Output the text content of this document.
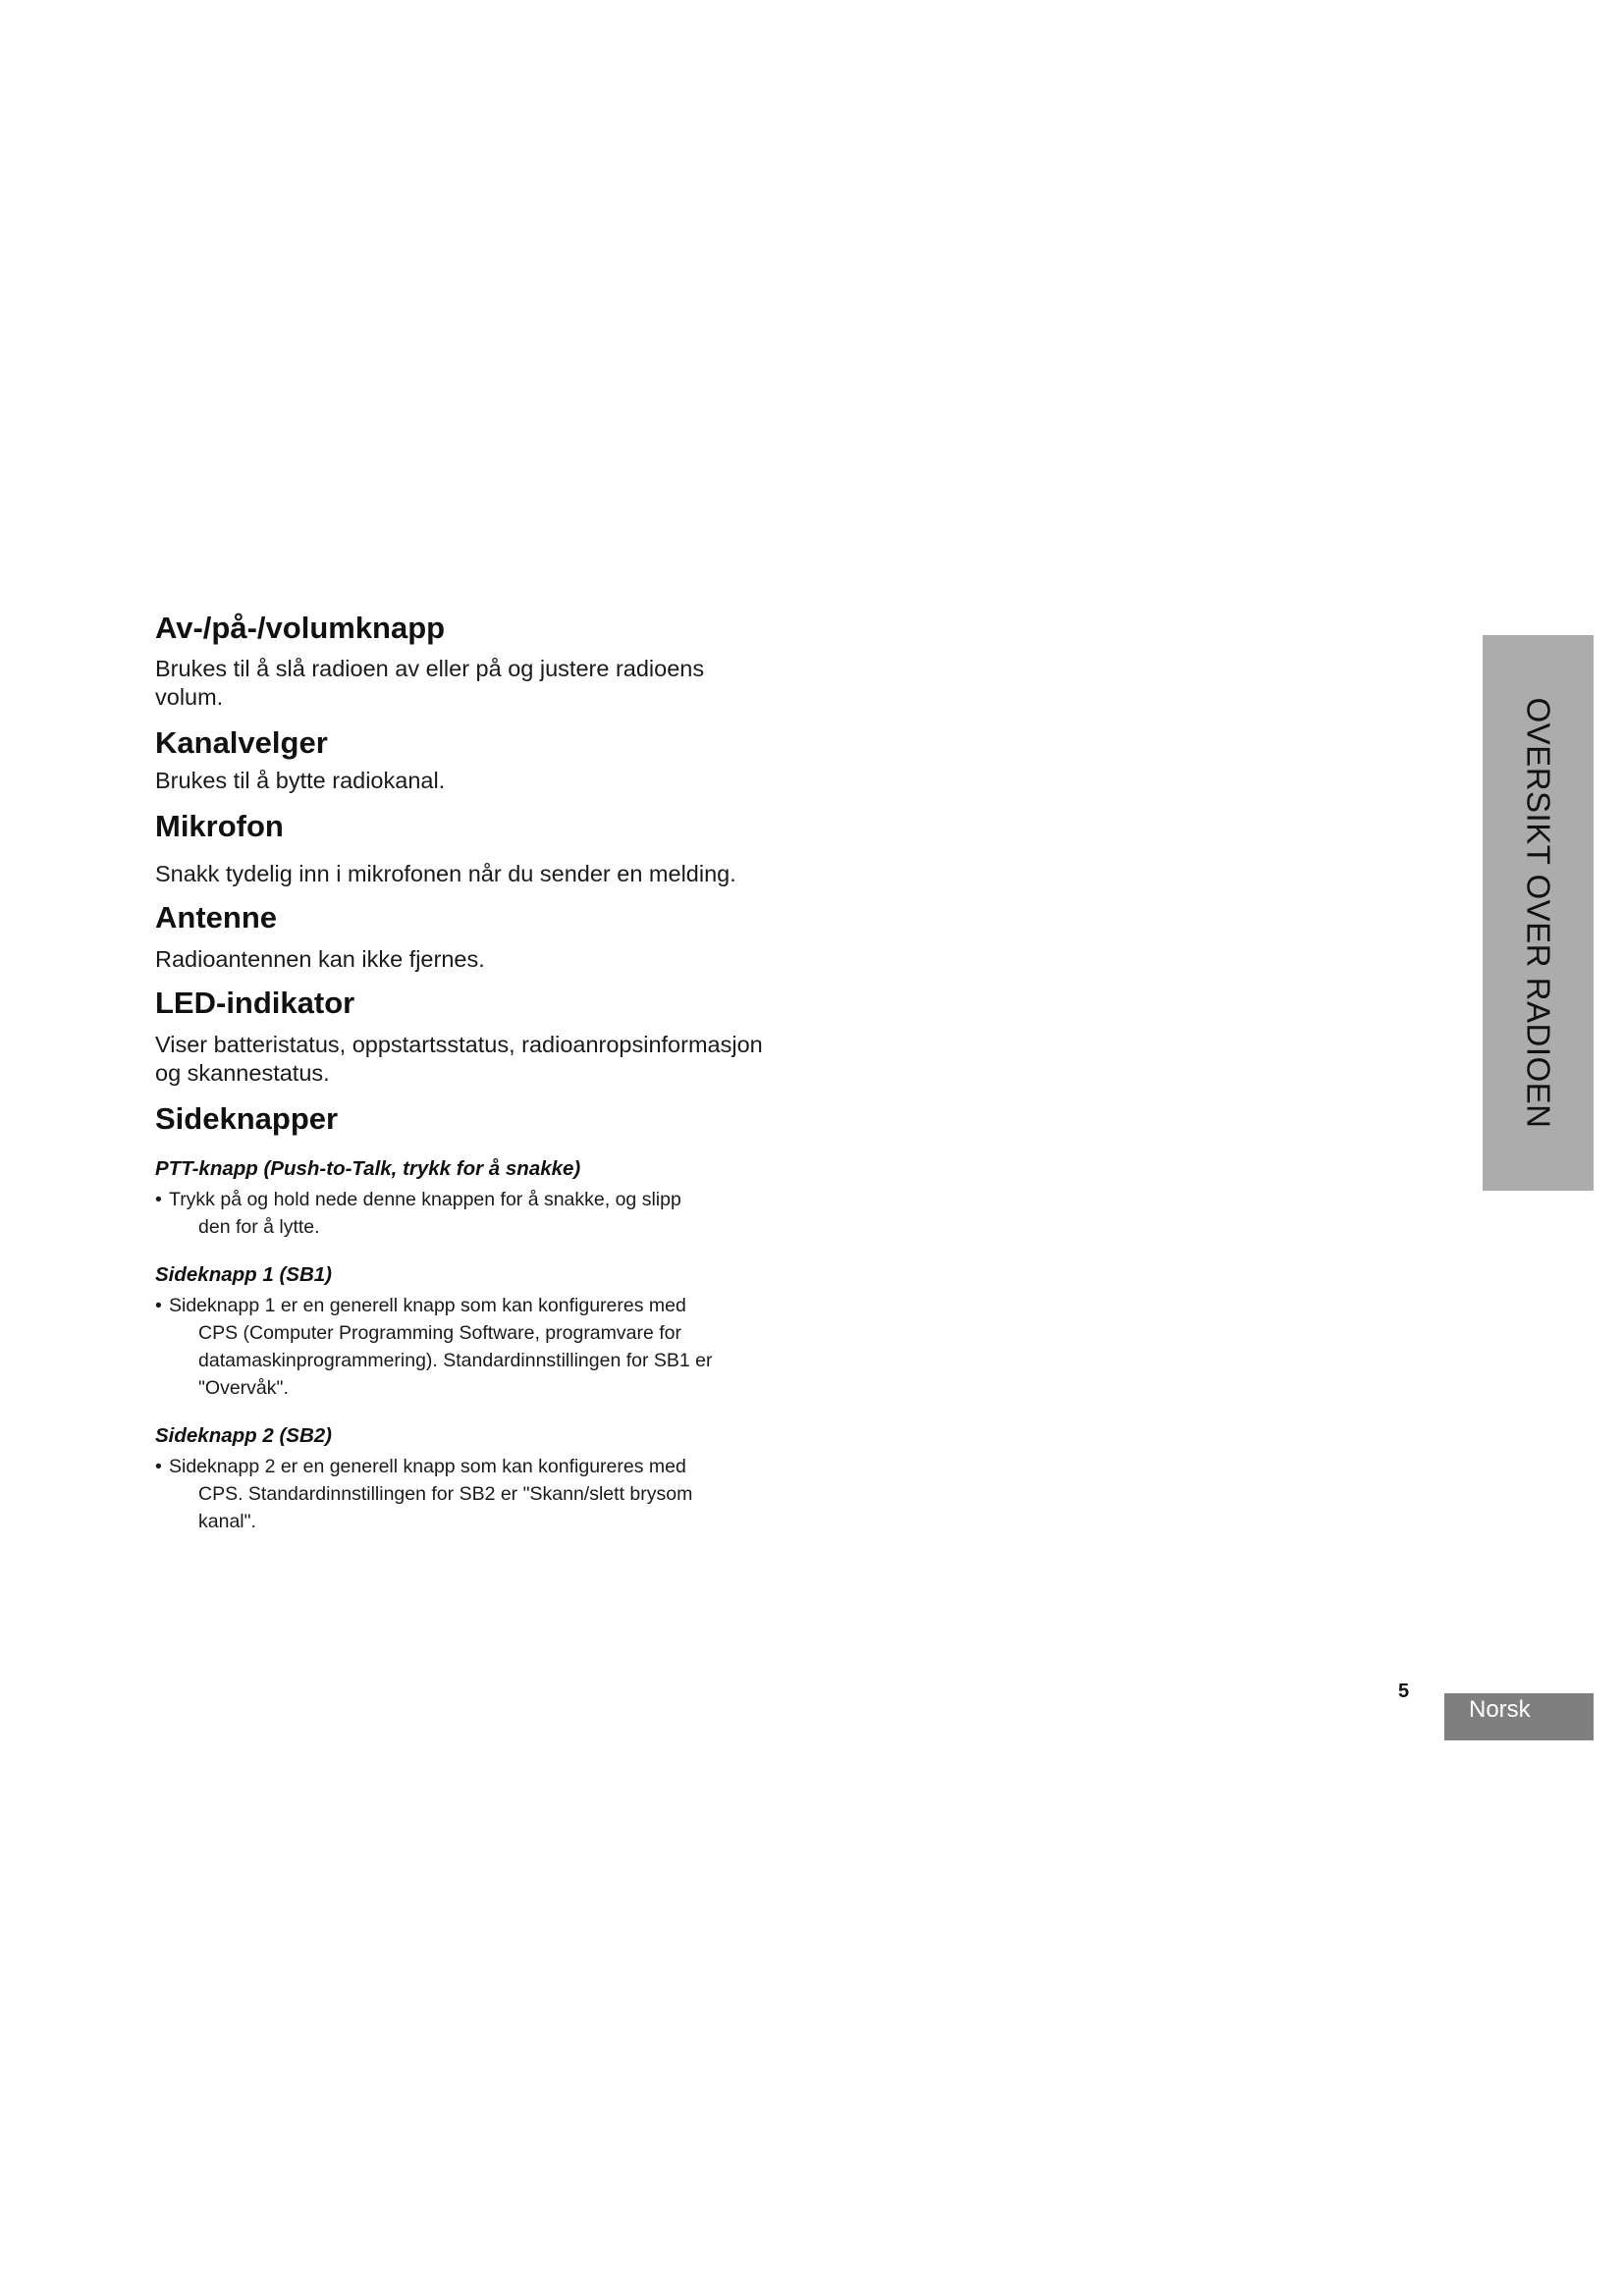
Av-/på-/volumknapp

Brukes til å slå radioen av eller på og justere radioens

volum.

Kanalvelger

Brukes til å bytte radiokanal.

Mikrofon

Snakk tydelig inn i mikrofonen når du sender en melding.

Antenne

Radioantennen kan ikke fjernes.

LED-indikator

Viser batteristatus, oppstartsstatus, radioanropsinformasjon

og skannestatus.

Sideknapper

PTT-knapp (Push-to-Talk, trykk for å snakke)

• Trykk på og hold nede denne knappen for å snakke, og slipp
den for å lytte.

Sideknapp 1 (SB1)

• Sideknapp 1 er en generell knapp som kan konfigureres med
CPS (Computer Programming Software, programvare for
datamaskinprogrammering). Standardinnstillingen for SB1 er
"Overvåk".

Sideknapp 2 (SB2)

• Sideknapp 2 er en generell knapp som kan konfigureres med
CPS. Standardinnstillingen for SB2 er "Skann/slett brysom
kanal".
OVERSIKT OVER RADIOEN
5
Norsk
